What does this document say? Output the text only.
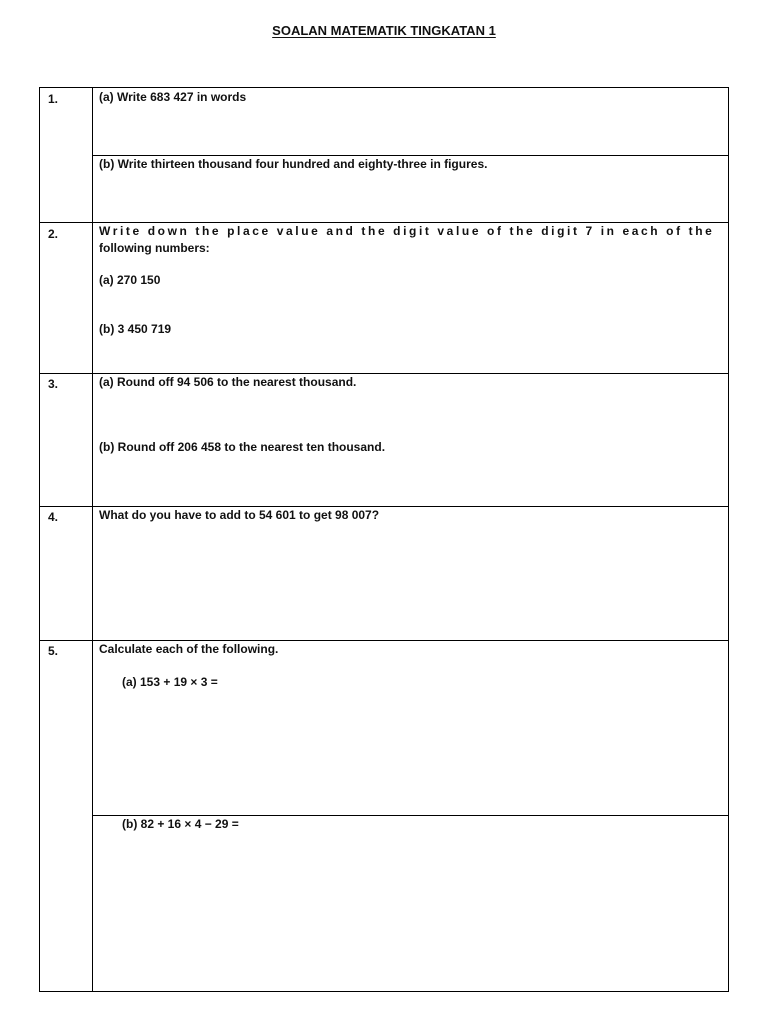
SOALAN MATEMATIK TINGKATAN 1
1.	(a) Write 683 427 in words
(b) Write thirteen thousand four hundred and eighty-three in figures.
2.	Write down the place value and the digit value of the digit 7 in each of the
following numbers:
(a) 270 150
(b) 3 450 719
3.	(a) Round off 94 506 to the nearest thousand.
(b) Round off 206 458 to the nearest ten thousand.
4.	What do you have to add to 54 601 to get 98 007?
5.	Calculate each of the following.
(a) 153 + 19 × 3 =
(b) 82 + 16 × 4 − 29 =
